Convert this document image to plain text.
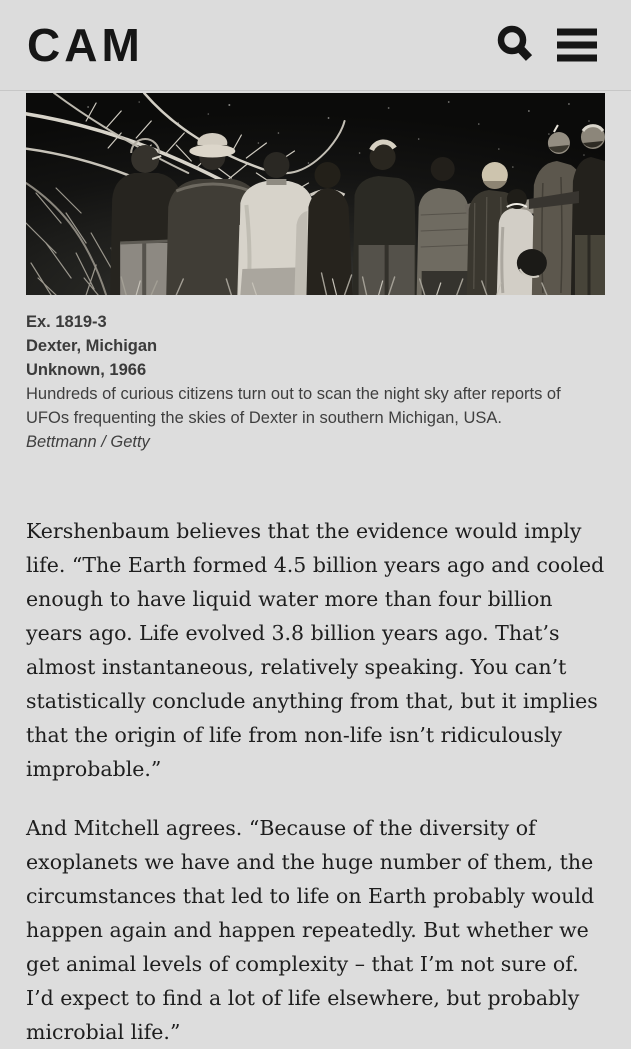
CAM
Ex. 1819-3
Dexter, Michigan
Unknown, 1966
Hundreds of curious citizens turn out to scan the night sky after reports of UFOs frequenting the skies of Dexter in southern Michigan, USA.
Bettmann / Getty

Kershenbaum believes that the evidence would imply life. “The Earth formed 4.5 billion years ago and cooled enough to have liquid water more than four billion years ago. Life evolved 3.8 billion years ago. That’s almost instantaneous, relatively speaking. You can’t statistically conclude anything from that, but it implies that the origin of life from non-life isn’t ridiculously improbable.”

And Mitchell agrees. “Because of the diversity of exoplanets we have and the huge number of them, the circumstances that led to life on Earth probably would happen again and happen repeatedly. But whether we get animal levels of complexity – that I’m not sure of. I’d expect to find a lot of life elsewhere, but probably microbial life.”
